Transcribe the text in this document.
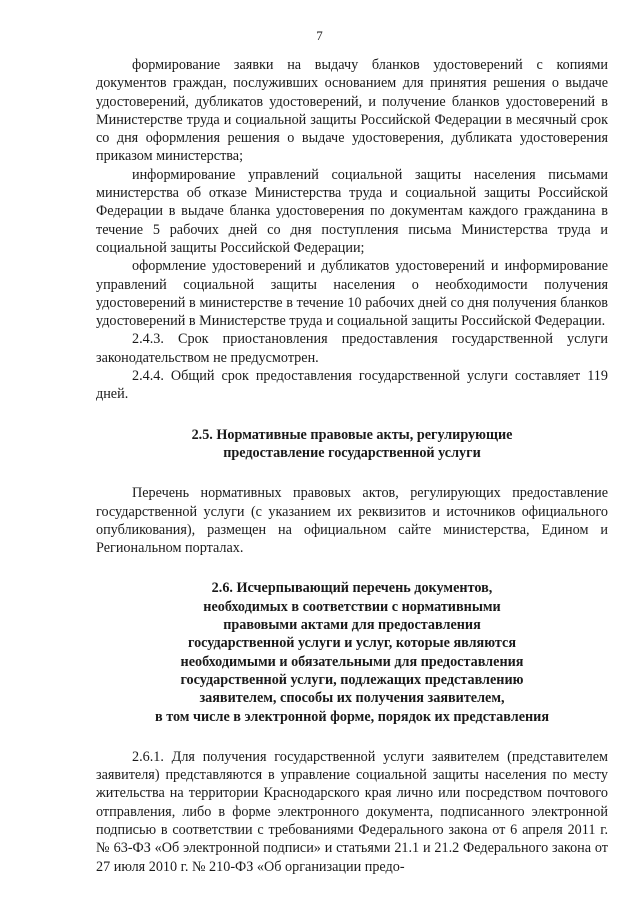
7

формирование заявки на выдачу бланков удостоверений с копиями документов граждан, послуживших основанием для принятия решения о выдаче удостоверений, дубликатов удостоверений, и получение бланков удостоверений в Министерстве труда и социальной защиты Российской Федерации в месячный срок со дня оформления решения о выдаче удостоверения, дубликата удостоверения приказом министерства;

информирование управлений социальной защиты населения письмами министерства об отказе Министерства труда и социальной защиты Российской Федерации в выдаче бланка удостоверения по документам каждого гражданина в течение 5 рабочих дней со дня поступления письма Министерства труда и социальной защиты Российской Федерации;

оформление удостоверений и дубликатов удостоверений и информирование управлений социальной защиты населения о необходимости получения удостоверений в министерстве в течение 10 рабочих дней со дня получения бланков удостоверений в Министерстве труда и социальной защиты Российской Федерации.

2.4.3. Срок приостановления предоставления государственной услуги законодательством не предусмотрен.

2.4.4. Общий срок предоставления государственной услуги составляет 119 дней.

2.5. Нормативные правовые акты, регулирующие
предоставление государственной услуги

Перечень нормативных правовых актов, регулирующих предоставление государственной услуги (с указанием их реквизитов и источников официального опубликования), размещен на официальном сайте министерства, Едином и Региональном порталах.

2.6. Исчерпывающий перечень документов,
необходимых в соответствии с нормативными
правовыми актами для предоставления
государственной услуги и услуг, которые являются
необходимыми и обязательными для предоставления
государственной услуги, подлежащих представлению
заявителем, способы их получения заявителем,
в том числе в электронной форме, порядок их представления

2.6.1. Для получения государственной услуги заявителем (представителем заявителя) представляются в управление социальной защиты населения по месту жительства на территории Краснодарского края лично или посредством почтового отправления, либо в форме электронного документа, подписанного электронной подписью в соответствии с требованиями Федерального закона от 6 апреля 2011 г. № 63-ФЗ «Об электронной подписи» и статьями 21.1 и 21.2 Федерального закона от 27 июля 2010 г. № 210-ФЗ «Об организации предо-
